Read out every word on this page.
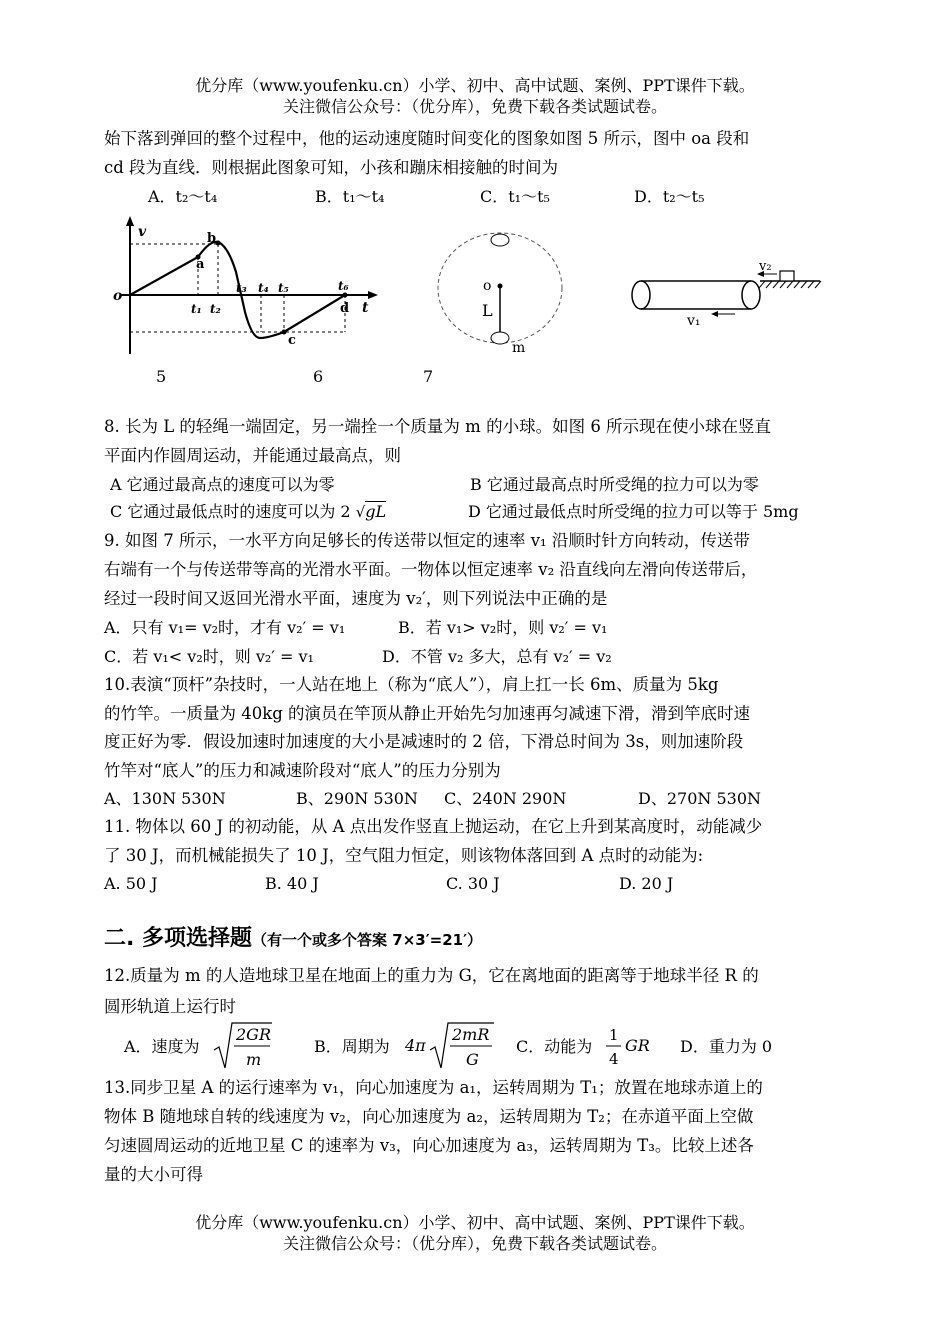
优分库（www.youfenku.cn）小学、初中、高中试题、案例、PPT课件下载。
关注微信公众号：（优分库），免费下载各类试题试卷。
始下落到弹回的整个过程中，他的运动速度随时间变化的图象如图 5 所示，图中 oa 段和
cd 段为直线．则根据此图象可知，小孩和蹦床相接触的时间为
A．t₂～t₄	B．t₁～t₄	C．t₁～t₅	D．t₂～t₅
v
o
t
a
b
c
d
t₁ t₂
t₃ t₄ t₅	t₆	o
L
m
v₁
v₂
5	6	7
8. 长为 L 的轻绳一端固定，另一端拴一个质量为 m 的小球。如图 6 所示现在使小球在竖直
平面内作圆周运动，并能通过最高点，则
A 它通过最高点的速度可以为零	B 它通过最高点时所受绳的拉力可以为零
C 它通过最低点时的速度可以为 2 √gL	D 它通过最低点时所受绳的拉力可以等于 5mg
9. 如图 7 所示，一水平方向足够长的传送带以恒定的速率 v₁ 沿顺时针方向转动，传送带
右端有一个与传送带等高的光滑水平面。一物体以恒定速率 v₂ 沿直线向左滑向传送带后，
经过一段时间又返回光滑水平面，速度为 v₂′，则下列说法中正确的是
A．只有 v₁= v₂时，才有 v₂′ = v₁	B．若 v₁> v₂时，则 v₂′ = v₁
C．若 v₁< v₂时，则 v₂′ = v₁	D．不管 v₂ 多大，总有 v₂′ = v₂
10.表演“顶杆”杂技时，一人站在地上（称为“底人”），肩上扛一长 6m、质量为 5kg
的竹竿。一质量为 40kg 的演员在竿顶从静止开始先匀加速再匀减速下滑，滑到竿底时速
度正好为零．假设加速时加速度的大小是减速时的 2 倍，下滑总时间为 3s，则加速阶段
竹竿对“底人”的压力和减速阶段对“底人”的压力分别为
A、130N 530N	B、290N 530N C、240N 290N	D、270N 530N
11. 物体以 60 J 的初动能，从 A 点出发作竖直上抛运动，在它上升到某高度时，动能减少
了 30 J，而机械能损失了 10 J，空气阻力恒定，则该物体落回到 A 点时的动能为:
A. 50 J	B. 40 J	C. 30 J	D. 20 J
二. 多项选择题（有一个或多个答案 7×3′=21′）
12.质量为 m 的人造地球卫星在地面上的重力为 G，它在离地面的距离等于地球半径 R 的
圆形轨道上运行时
A．速度为
2GR
m
B．周期为 4π
2mR
G
C．动能为
1
4
GR D．重力为 0
13.同步卫星 A 的运行速率为 v₁，向心加速度为 a₁，运转周期为 T₁；放置在地球赤道上的
物体 B 随地球自转的线速度为 v₂，向心加速度为 a₂，运转周期为 T₂；在赤道平面上空做
匀速圆周运动的近地卫星 C 的速率为 v₃，向心加速度为 a₃，运转周期为 T₃。比较上述各
量的大小可得
优分库（www.youfenku.cn）小学、初中、高中试题、案例、PPT课件下载。
关注微信公众号：（优分库），免费下载各类试题试卷。
